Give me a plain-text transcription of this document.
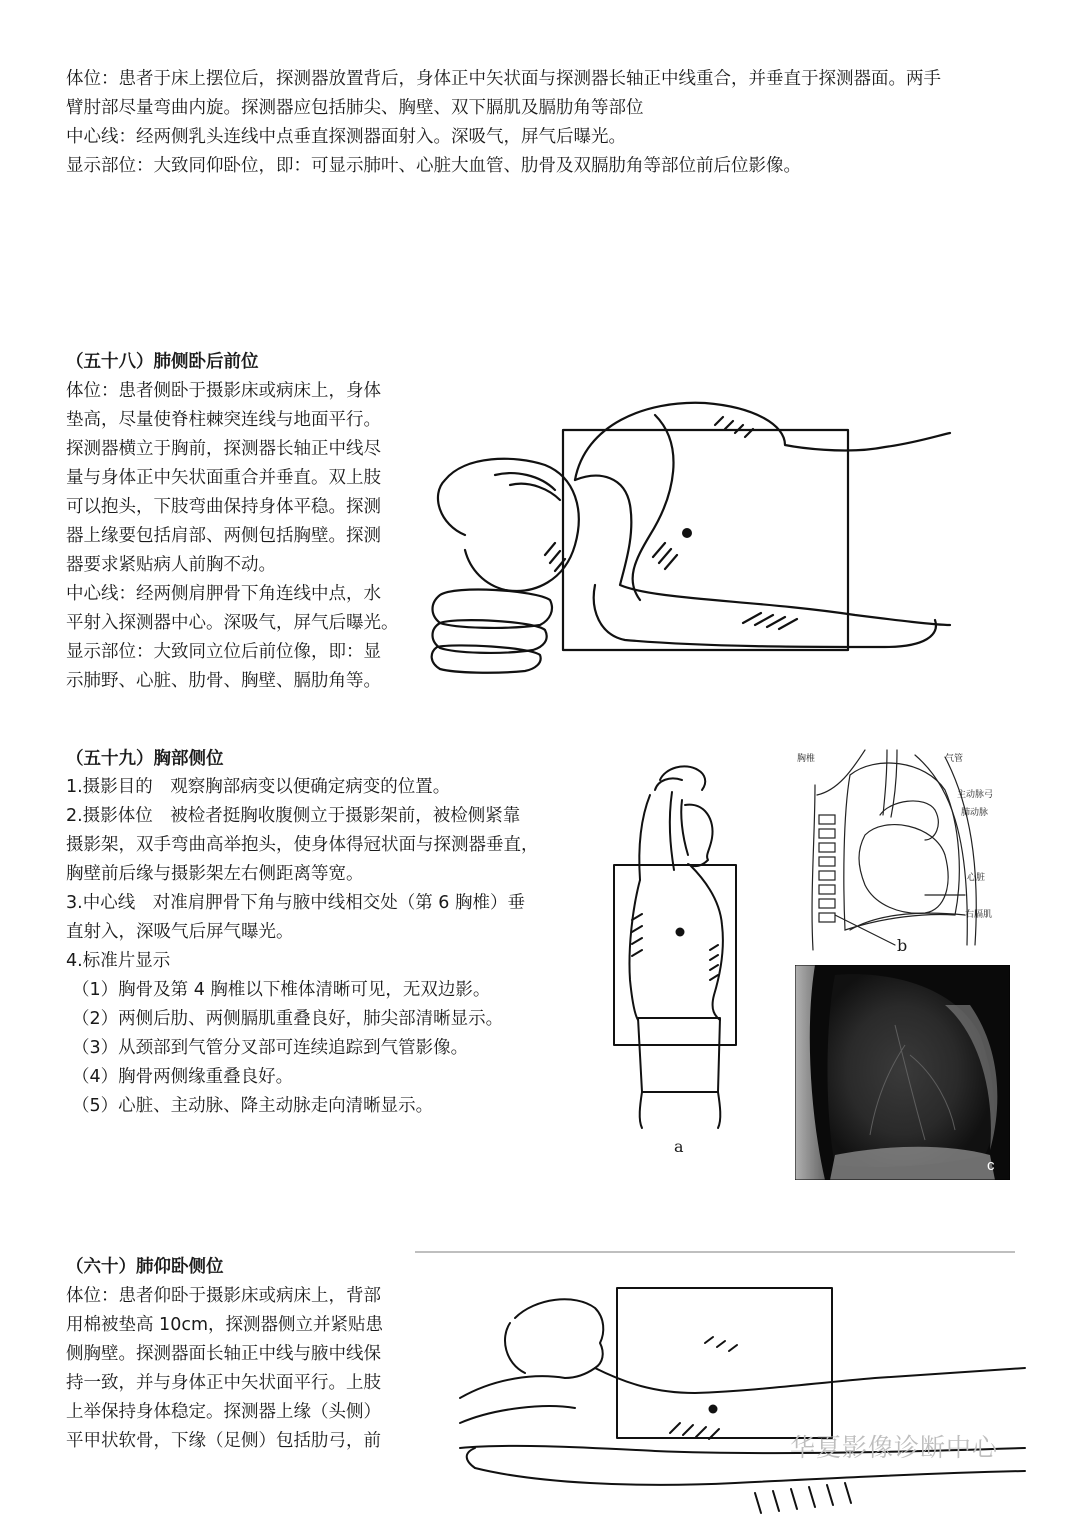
体位：患者于床上摆位后，探测器放置背后，身体正中矢状面与探测器长轴正中线重合，并垂直于探测器面。两手
臂肘部尽量弯曲内旋。探测器应包括肺尖、胸壁、双下膈肌及膈肋角等部位
中心线：经两侧乳头连线中点垂直探测器面射入。深吸气，屏气后曝光。
显示部位：大致同仰卧位，即：可显示肺叶、心脏大血管、肋骨及双膈肋角等部位前后位影像。
（五十八）肺侧卧后前位
体位：患者侧卧于摄影床或病床上，身体
垫高，尽量使脊柱棘突连线与地面平行。
探测器横立于胸前，探测器长轴正中线尽
量与身体正中矢状面重合并垂直。双上肢
可以抱头，下肢弯曲保持身体平稳。探测
器上缘要包括肩部、两侧包括胸壁。探测
器要求紧贴病人前胸不动。
中心线：经两侧肩胛骨下角连线中点，水
平射入探测器中心。深吸气，屏气后曝光。
显示部位：大致同立位后前位像，即：显
示肺野、心脏、肋骨、胸壁、膈肋角等。
（五十九）胸部侧位
1.摄影目的　观察胸部病变以便确定病变的位置。
2.摄影体位　被检者挺胸收腹侧立于摄影架前，被检侧紧靠
摄影架，双手弯曲高举抱头，使身体得冠状面与探测器垂直，
胸壁前后缘与摄影架左右侧距离等宽。
3.中心线　对准肩胛骨下角与腋中线相交处（第 6 胸椎）垂
直射入，深吸气后屏气曝光。
4.标准片显示
（1）胸骨及第 4 胸椎以下椎体清晰可见，无双边影。
（2）两侧后肋、两侧膈肌重叠良好，肺尖部清晰显示。
（3）从颈部到气管分叉部可连续追踪到气管影像。
（4）胸骨两侧缘重叠良好。
（5）心脏、主动脉、降主动脉走向清晰显示。
a
胸椎	气管
主动脉弓
肺动脉
心脏
右膈肌
b
c
（六十）肺仰卧侧位
体位：患者仰卧于摄影床或病床上，背部
用棉被垫高 10cm，探测器侧立并紧贴患
侧胸壁。探测器面长轴正中线与腋中线保
持一致，并与身体正中矢状面平行。上肢
上举保持身体稳定。探测器上缘（头侧）
平甲状软骨，下缘（足侧）包括肋弓，前	华夏影像诊断中心
